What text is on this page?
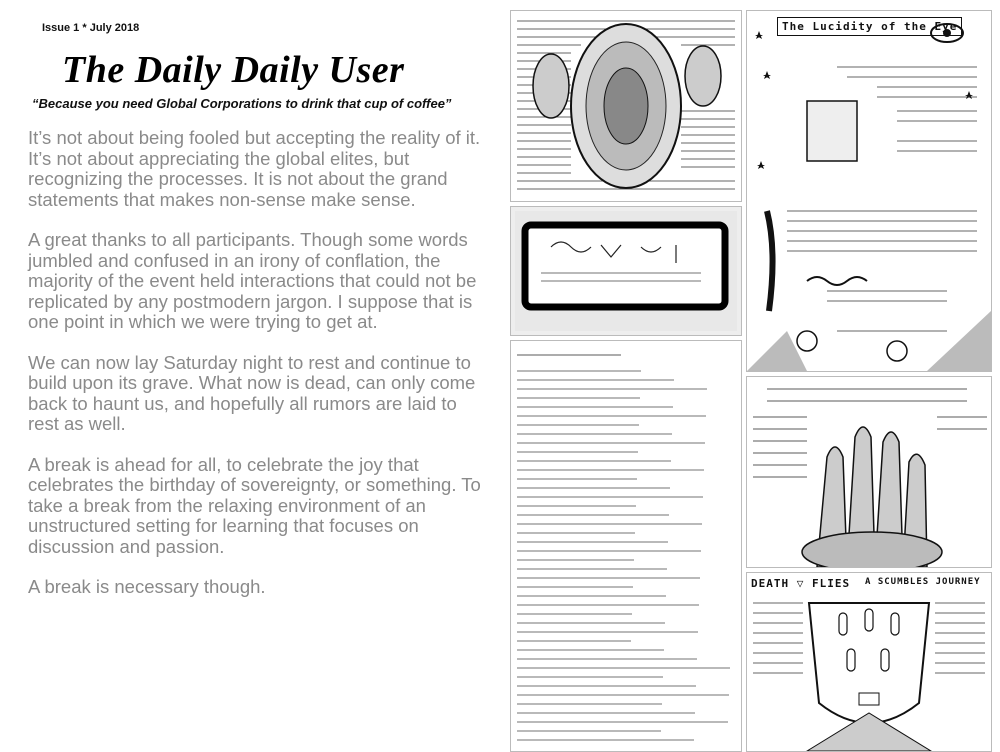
Issue 1 * July 2018
The Daily Daily User
“Because you need Global Corporations to drink that cup of coffee”

It’s not about being fooled but accepting the reality of it. It’s not about appreciating the global elites, but recognizing the processes. It is not about the grand statements that makes non-sense make sense.

A great thanks to all participants. Though some words jumbled and confused in an irony of conflation, the majority of the event held interactions that could not be replicated by any postmodern jargon. I suppose that is one point in which we were trying to get at.

We can now lay Saturday night to rest and continue to build upon its grave. What now is dead, can only come back to haunt us, and hopefully all rumors are laid to rest as well.

A break is ahead for all, to celebrate the joy that celebrates the birthday of sovereignty, or something. To take a break from the relaxing environment of an unstructured setting for learning that focuses on discussion and passion.

A break is necessary though.

The Lucidity of the Eye
DEATH ▽ FLIES A SCUMBLES JOURNEY
